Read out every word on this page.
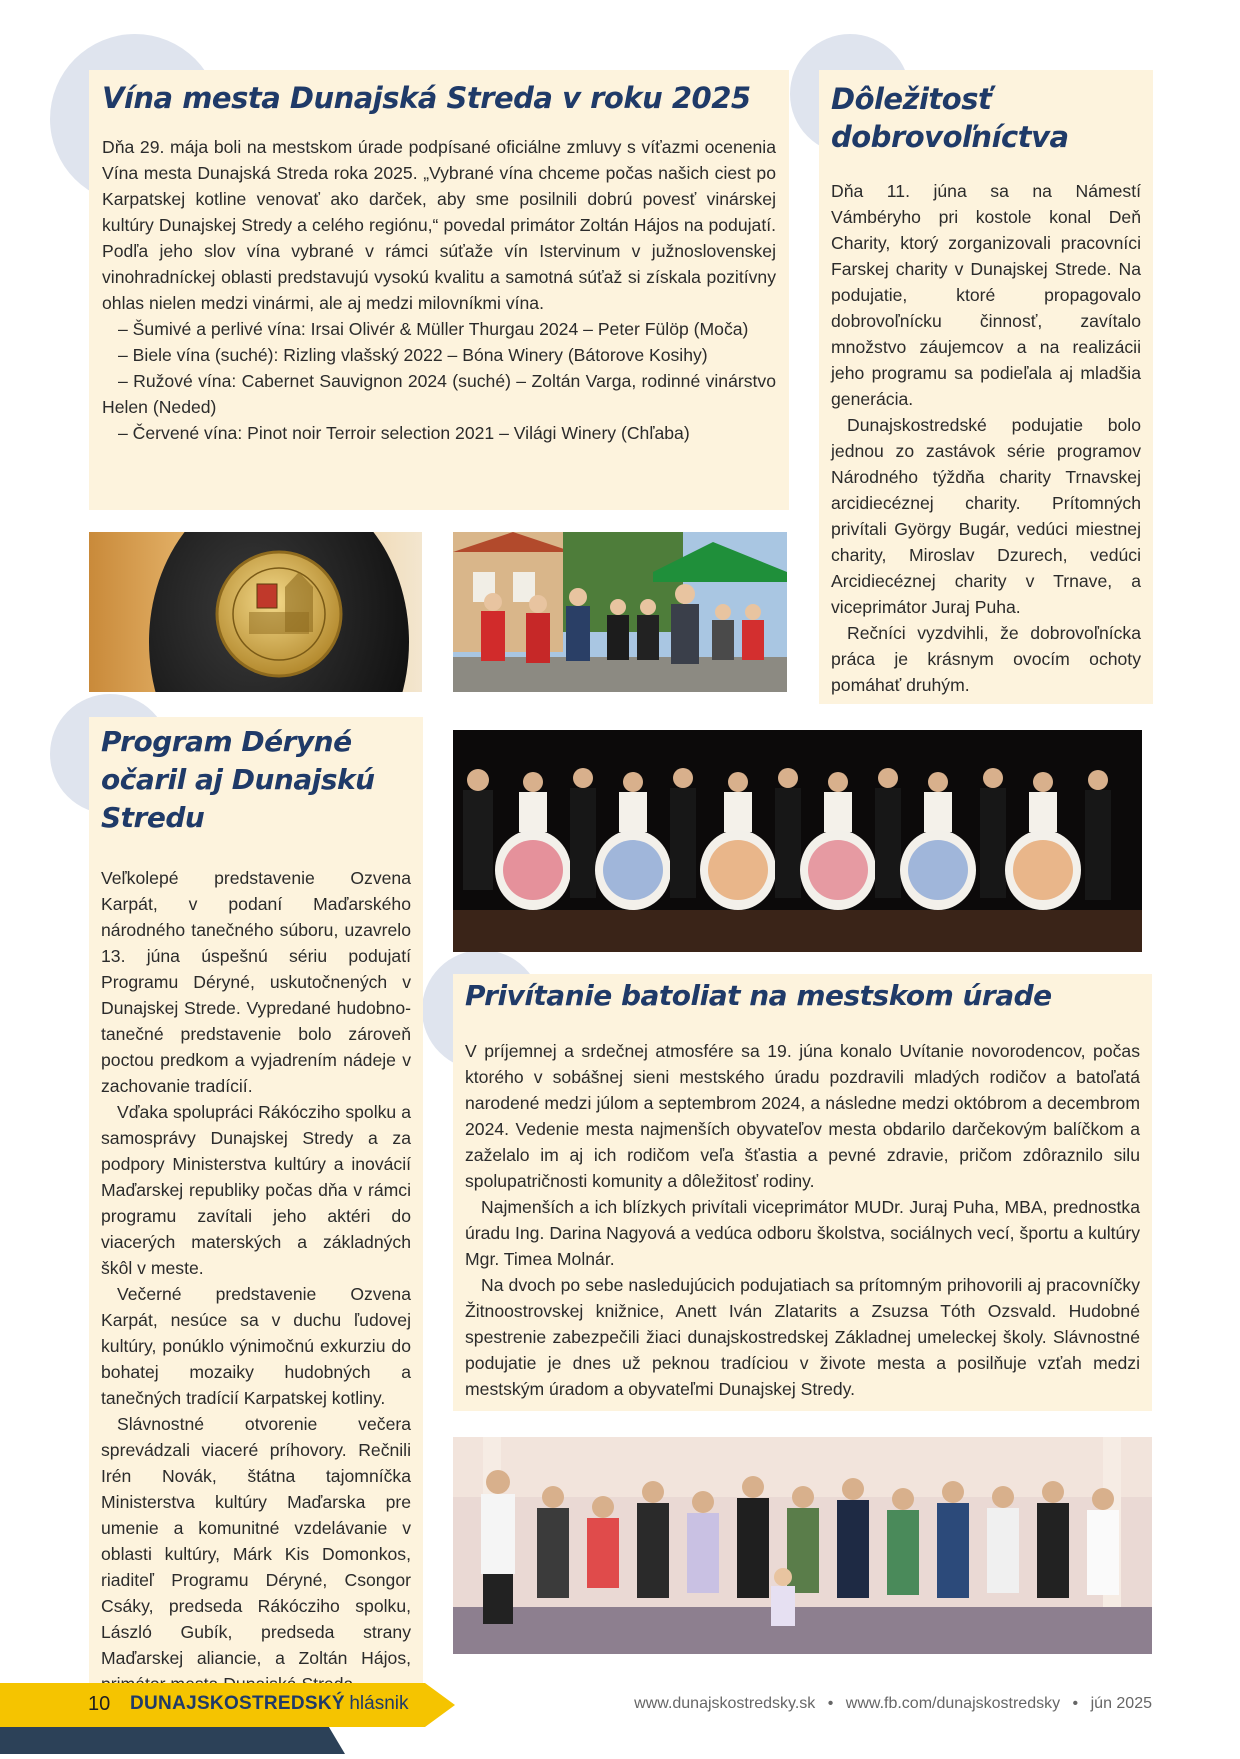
Vína mesta Dunajská Streda v roku 2025

Dňa 29. mája boli na mestskom úrade podpísané oficiálne zmluvy s víťazmi ocenenia Vína mesta Dunajská Streda roka 2025. „Vybrané vína chceme počas našich ciest po Karpatskej kotline venovať ako darček, aby sme posilnili dobrú povesť vinárskej kultúry Dunajskej Stredy a celého regiónu,“ povedal primátor Zoltán Hájos na podujatí. Podľa jeho slov vína vybrané v rámci súťaže vín Istervinum v južnoslovenskej vinohradníckej oblasti predstavujú vysokú kvalitu a samotná súťaž si získala pozitívny ohlas nielen medzi vinármi, ale aj medzi milovníkmi vína.

– Šumivé a perlivé vína: Irsai Olivér & Müller Thurgau 2024 – Peter Fülöp (Moča)

– Biele vína (suché): Rizling vlašský 2022 – Bóna Winery (Bátorove Kosihy)

– Ružové vína: Cabernet Sauvignon 2024 (suché) – Zoltán Varga, rodinné vinárstvo Helen (Neded)

– Červené vína: Pinot noir Terroir selection 2021 – Világi Winery (Chľaba)

Dôležitosť dobrovoľníctva

Dňa 11. júna sa na Námestí Vámbéryho pri kostole konal Deň Charity, ktorý zorganizovali pracovníci Farskej charity v Dunajskej Strede. Na podujatie, ktoré propagovalo dobrovoľnícku činnosť, zavítalo množstvo záujemcov a na realizácii jeho programu sa podieľala aj mladšia generácia.

Dunajskostredské podujatie bolo jednou zo zastávok série programov Národného týždňa charity Trnavskej arcidiecéznej charity. Prítomných privítali György Bugár, vedúci miestnej charity, Miroslav Dzurech, vedúci Arcidiecéznej charity v Trnave, a viceprimátor Juraj Puha.

Rečníci vyzdvihli, že dobrovoľnícka práca je krásnym ovocím ochoty pomáhať druhým.

Program Déryné očaril aj Dunajskú Stredu

Veľkolepé predstavenie Ozvena Karpát, v podaní Maďarského národného tanečného súboru, uzavrelo 13. júna úspešnú sériu podujatí Programu Déryné, uskutočnených v Dunajskej Strede. Vypredané hudobno-tanečné predstavenie bolo zároveň poctou predkom a vyjadrením nádeje v zachovanie tradícií.

Vďaka spolupráci Rákócziho spolku a samosprávy Dunajskej Stredy a za podpory Ministerstva kultúry a inovácií Maďarskej republiky počas dňa v rámci programu zavítali jeho aktéri do viacerých materských a základných škôl v meste.

Večerné predstavenie Ozvena Karpát, nesúce sa v duchu ľudovej kultúry, ponúklo výnimočnú exkurziu do bohatej mozaiky hudobných a tanečných tradícií Karpatskej kotliny.

Slávnostné otvorenie večera sprevádzali viaceré príhovory. Rečnili Irén Novák, štátna tajomníčka Ministerstva kultúry Maďarska pre umenie a komunitné vzdelávanie v oblasti kultúry, Márk Kis Domonkos, riaditeľ Programu Déryné, Csongor Csáky, predseda Rákócziho spolku, László Gubík, predseda strany Maďarskej aliancie, a Zoltán Hájos,

Privítanie batoliat na mestskom úrade

V príjemnej a srdečnej atmosfére sa 19. júna konalo Uvítanie novorodencov, počas ktorého v sobášnej sieni mestského úradu pozdravili mladých rodičov a batoľatá narodené medzi júlom a septembrom 2024, a následne medzi októbrom a decembrom 2024. Vedenie mesta najmenších obyvateľov mesta obdarilo darčekovým balíčkom a zaželalo im aj ich rodičom veľa šťastia a pevné zdravie, pričom zdôraznilo silu spolupatričnosti komunity a dôležitosť rodiny.

Najmenších a ich blízkych privítali viceprimátor MUDr. Juraj Puha, MBA, prednostka úradu Ing. Darina Nagyová a vedúca odboru školstva, sociálnych vecí, športu a kultúry Mgr. Timea Molnár.

Na dvoch po sebe nasledujúcich podujatiach sa prítomným prihovorili aj pracovníčky Žitnoostrovskej knižnice, Anett Iván Zlatarits a Zsuzsa Tóth Ozsvald. Hudobné spestrenie zabezpečili žiaci dunajskostredskej Základnej umeleckej školy. Slávnostné podujatie je dnes už peknou tradíciou v živote mesta a posilňuje vzťah medzi mestským úradom a obyvateľmi Dunajskej Stredy.

10 DUNAJSKOSTREDSKÝ hlásnik	www.dunajskostredsky.sk • www.fb.com/dunajskostredsky • jún 2025
